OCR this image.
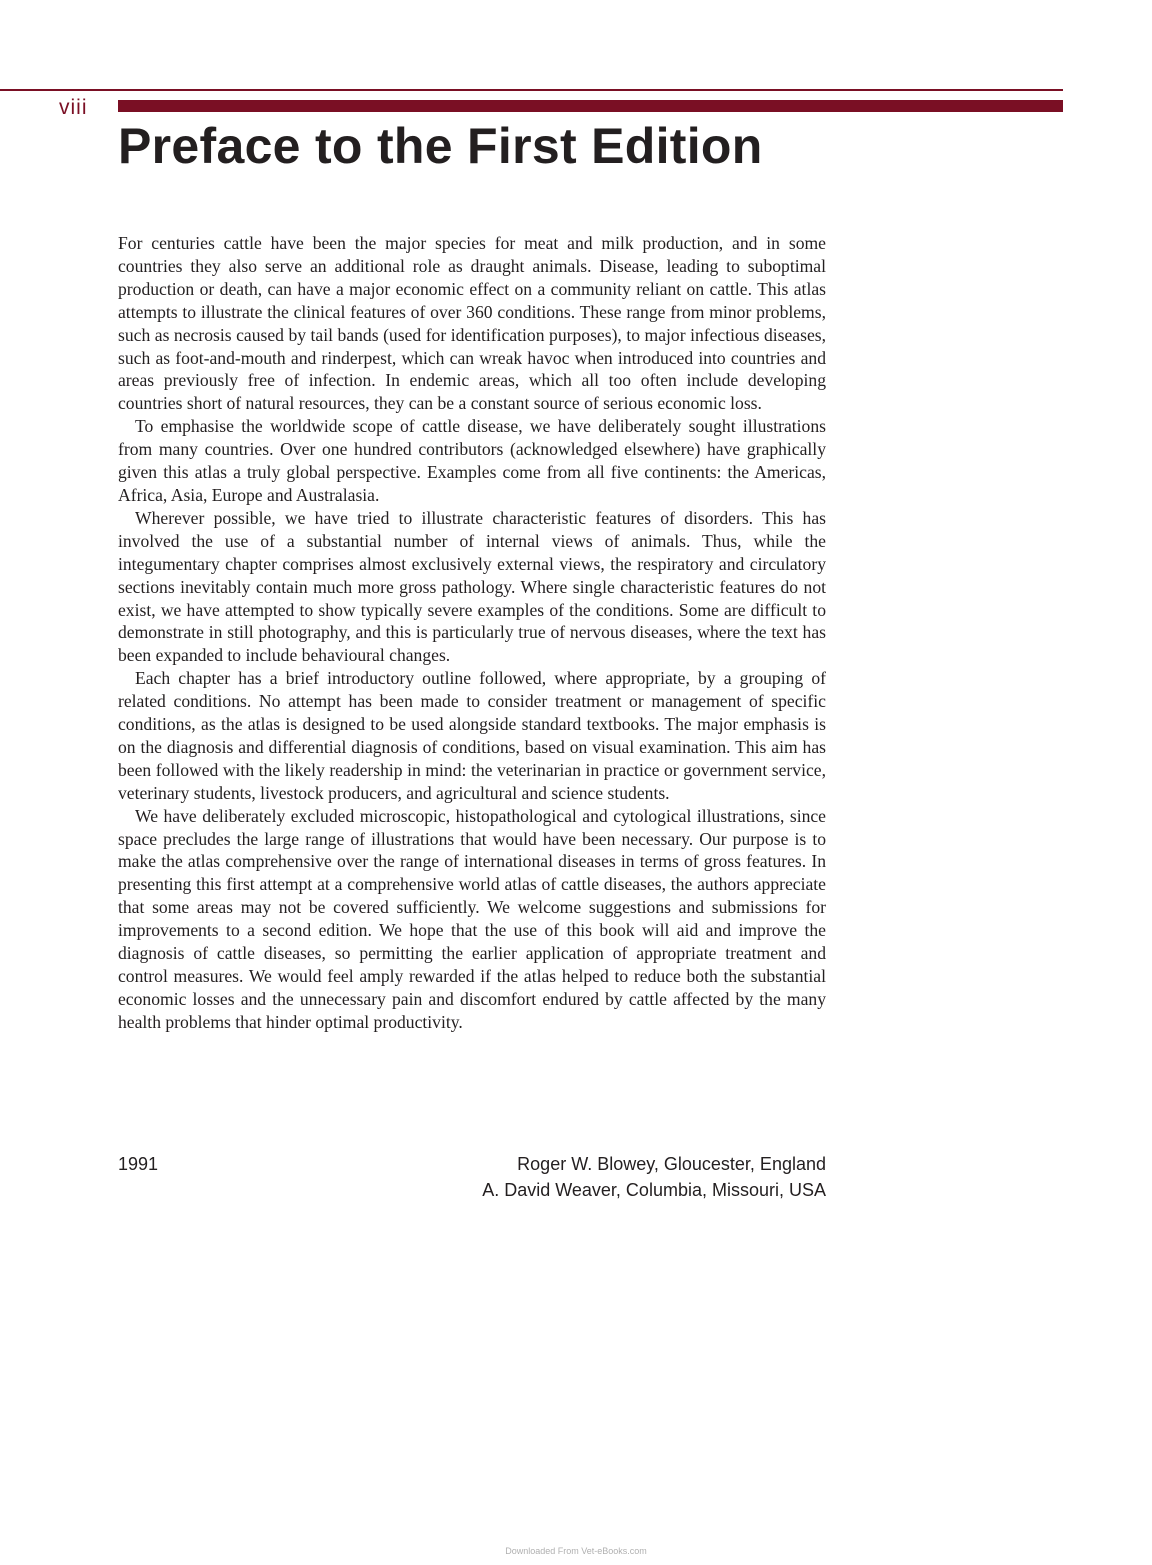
viii
Preface to the First Edition

For centuries cattle have been the major species for meat and milk production, and in some countries they also serve an additional role as draught animals. Disease, leading to suboptimal production or death, can have a major economic effect on a community reliant on cattle. This atlas attempts to illustrate the clinical features of over 360 conditions. These range from minor problems, such as necrosis caused by tail bands (used for identification purposes), to major infectious diseases, such as foot-and-mouth and rinderpest, which can wreak havoc when introduced into countries and areas previously free of infection. In endemic areas, which all too often include developing countries short of natural resources, they can be a constant source of serious economic loss.

To emphasise the worldwide scope of cattle disease, we have deliberately sought illustrations from many countries. Over one hundred contributors (acknowledged elsewhere) have graphically given this atlas a truly global perspective. Examples come from all five continents: the Americas, Africa, Asia, Europe and Australasia.

Wherever possible, we have tried to illustrate characteristic features of disorders. This has involved the use of a substantial number of internal views of animals. Thus, while the integumentary chapter comprises almost exclusively external views, the respiratory and circulatory sections inevitably contain much more gross pathology. Where single characteristic features do not exist, we have attempted to show typically severe examples of the conditions. Some are difficult to demonstrate in still photography, and this is particularly true of nervous diseases, where the text has been expanded to include behavioural changes.

Each chapter has a brief introductory outline followed, where appropriate, by a grouping of related conditions. No attempt has been made to consider treatment or management of specific conditions, as the atlas is designed to be used alongside standard textbooks. The major emphasis is on the diagnosis and differential diagnosis of conditions, based on visual examination. This aim has been followed with the likely readership in mind: the veterinarian in practice or government service, veterinary students, livestock producers, and agricultural and science students.

We have deliberately excluded microscopic, histopathological and cytological illustrations, since space precludes the large range of illustrations that would have been necessary. Our purpose is to make the atlas comprehensive over the range of international diseases in terms of gross features. In presenting this first attempt at a comprehensive world atlas of cattle diseases, the authors appreciate that some areas may not be covered sufficiently. We welcome suggestions and submissions for improvements to a second edition. We hope that the use of this book will aid and improve the diagnosis of cattle diseases, so permitting the earlier application of appropriate treatment and control measures. We would feel amply rewarded if the atlas helped to reduce both the substantial economic losses and the unnecessary pain and discomfort endured by cattle affected by the many health problems that hinder optimal productivity.

1991	Roger W. Blowey, Gloucester, England
A. David Weaver, Columbia, Missouri, USA
Downloaded From Vet-eBooks.com
